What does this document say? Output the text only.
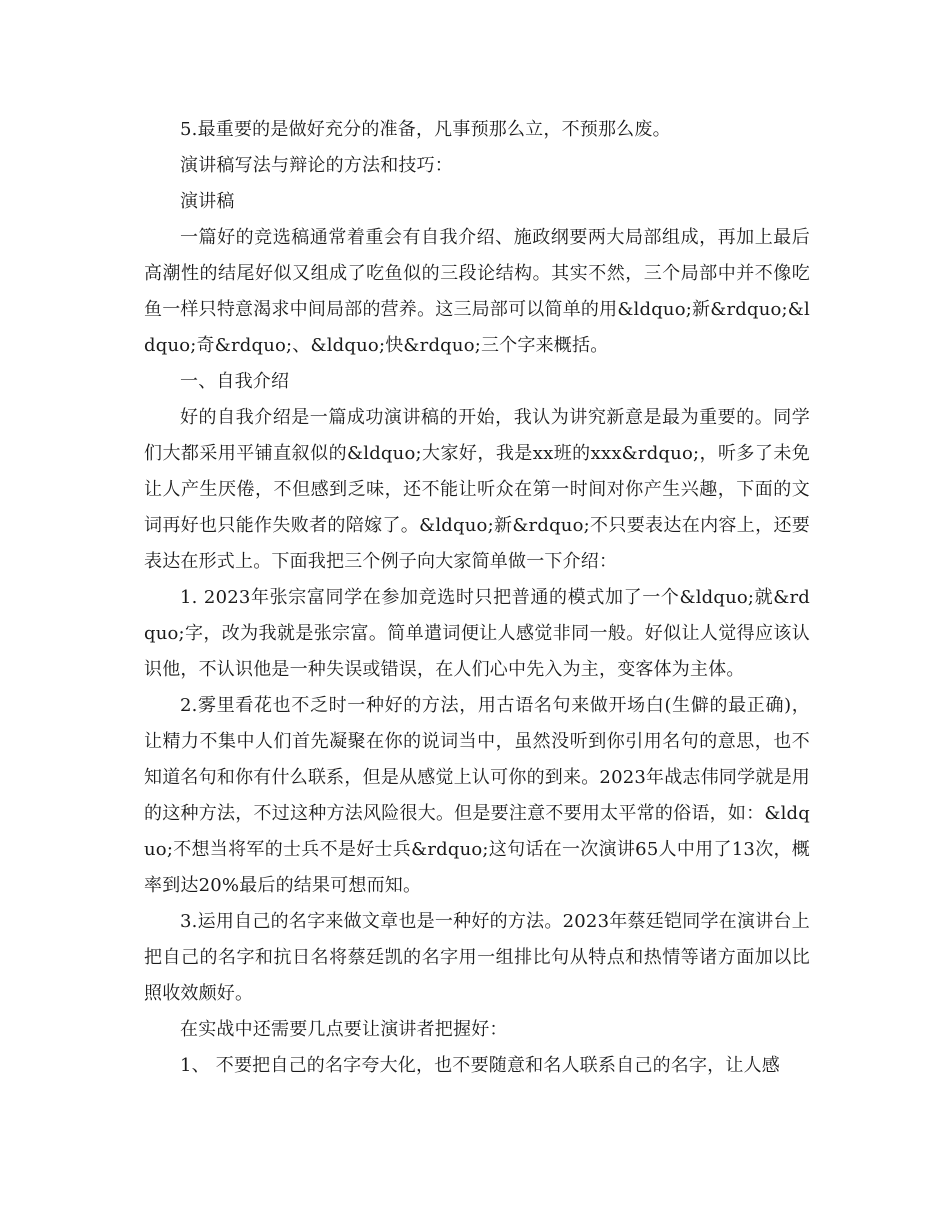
5.最重要的是做好充分的准备，凡事预那么立，不预那么废。

演讲稿写法与辩论的方法和技巧：

演讲稿

一篇好的竞选稿通常着重会有自我介绍、施政纲要两大局部组成，再加上最后高潮性的结尾好似又组成了吃鱼似的三段论结构。其实不然，三个局部中并不像吃鱼一样只特意渴求中间局部的营养。这三局部可以简单的用&ldquo;新&rdquo;&ldquo;奇&rdquo;、&ldquo;快&rdquo;三个字来概括。

一、自我介绍

好的自我介绍是一篇成功演讲稿的开始，我认为讲究新意是最为重要的。同学们大都采用平铺直叙似的&ldquo;大家好，我是xx班的xxx&rdquo;，听多了未免让人产生厌倦，不但感到乏味，还不能让听众在第一时间对你产生兴趣，下面的文词再好也只能作失败者的陪嫁了。&ldquo;新&rdquo;不只要表达在内容上，还要表达在形式上。下面我把三个例子向大家简单做一下介绍：

1. 2023年张宗富同学在参加竞选时只把普通的模式加了一个&ldquo;就&rdquo;字，改为我就是张宗富。简单遣词便让人感觉非同一般。好似让人觉得应该认识他，不认识他是一种失误或错误，在人们心中先入为主，变客体为主体。

2.雾里看花也不乏时一种好的方法，用古语名句来做开场白(生僻的最正确)，让精力不集中人们首先凝聚在你的说词当中，虽然没听到你引用名句的意思，也不知道名句和你有什么联系，但是从感觉上认可你的到来。2023年战志伟同学就是用的这种方法，不过这种方法风险很大。但是要注意不要用太平常的俗语，如：&ldquo;不想当将军的士兵不是好士兵&rdquo;这句话在一次演讲65人中用了13次，概率到达20%最后的结果可想而知。

3.运用自己的名字来做文章也是一种好的方法。2023年蔡廷铠同学在演讲台上把自己的名字和抗日名将蔡廷凯的名字用一组排比句从特点和热情等诸方面加以比照收效颇好。

在实战中还需要几点要让演讲者把握好：

1、 不要把自己的名字夸大化，也不要随意和名人联系自己的名字，让人感
